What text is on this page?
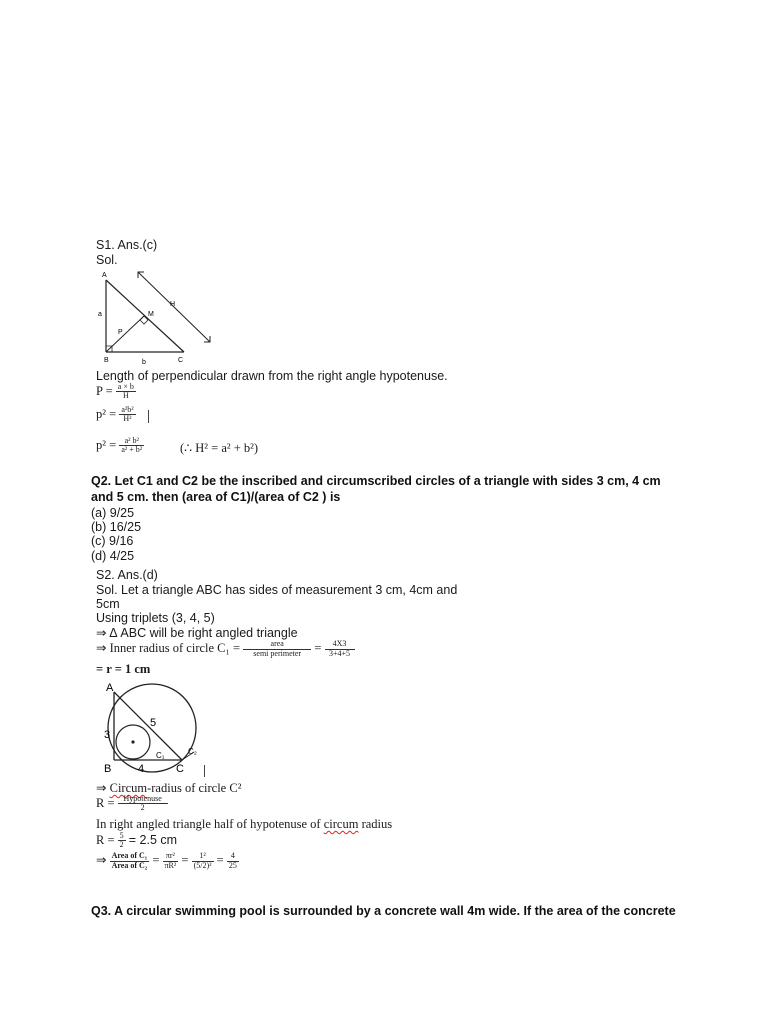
S1. Ans.(c)
Sol.
A
a
P
M
H
B	b	C
Length of perpendicular drawn from the right angle hypotenuse.
$P = \frac{a \times b}{H}$
$p^2 = \frac{\text{a²b²}}{\text{H²}}$
$p^2 = \frac{\text{a² b²}}{\text{a² + b²}}$	(∴ H² = a² + b²)
Q2. Let C1 and C2 be the inscribed and circumscribed circles of a triangle with sides 3 cm, 4 cm
and 5 cm. then (area of C1)/(area of C2 ) is
(a) 9/25
(b) 16/25
(c) 9/16
(d) 4/25
S2. Ans.(d)
Sol. Let a triangle ABC has sides of measurement 3 cm, 4cm and
5cm
Using triplets (3, 4, 5)
⇒ Δ ABC will be right angled triangle
⇒ Inner radius of circle $C_1 = \frac{\text{area}}{\text{semi perimeter}} = \frac{4X3}{3+4+5}$
= r = 1 cm
A
3
5
C₁	C₂
B 4	C
⇒ Circum-radius of circle C²
$R = \frac{\text{Hypotenuse}}{2}$
In right angled triangle half of hypotenuse of circum radius
$R = \frac{5}{2} = 2.5$ cm
⇒ $\frac{\text{Area of C₁}}{\text{Area of C₂}} = \frac{\text{πr²}}{\text{πR²}} = \frac{\text{1²}}{\text{(5/2)²}} = \frac{4}{25}$
Q3. A circular swimming pool is surrounded by a concrete wall 4m wide. If the area of the concrete
